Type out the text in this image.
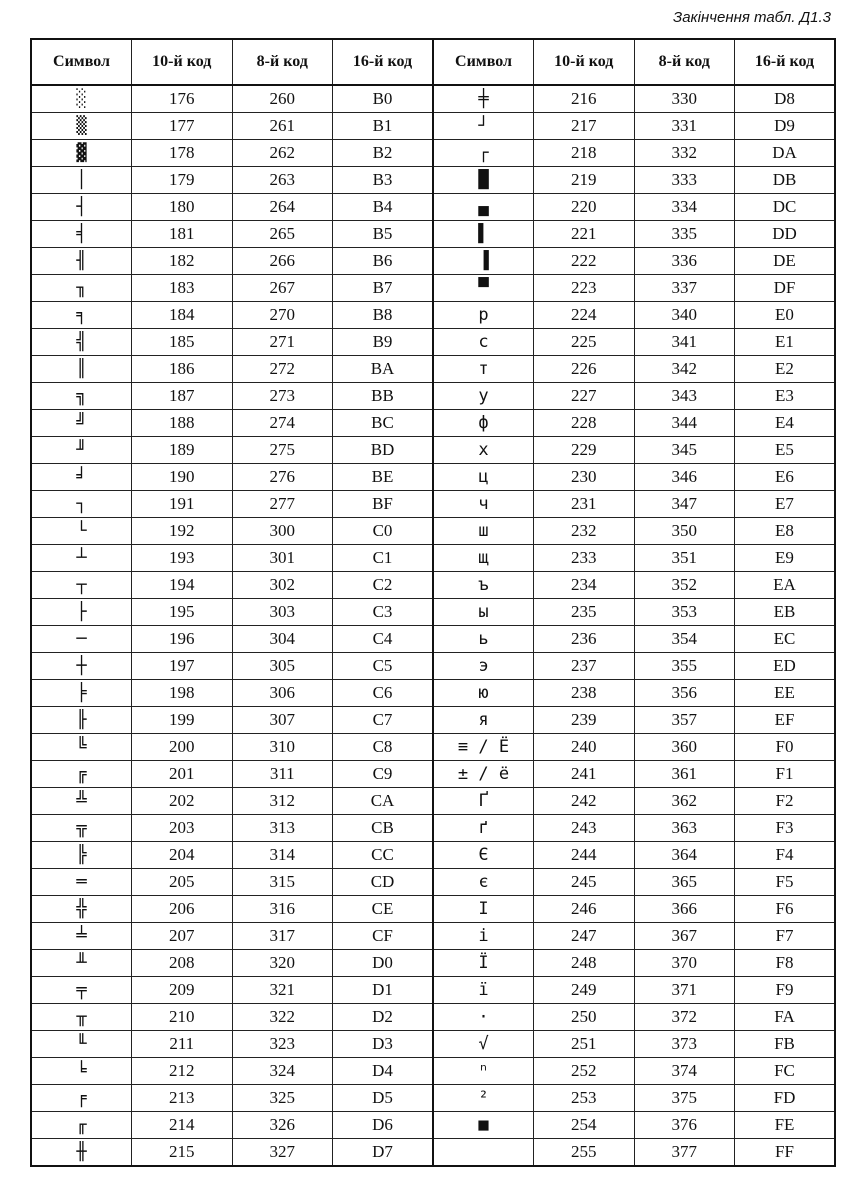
Закінчення табл. Д1.3
Символ	10-й код	8-й код	16-й код	Символ	10-й код	8-й код	16-й код
░	176	260	B0	╪	216	330	D8
▒	177	261	B1	┘	217	331	D9
▓	178	262	B2	┌	218	332	DA
│	179	263	B3	█	219	333	DB
┤	180	264	B4	▄	220	334	DC
╡	181	265	B5	▌	221	335	DD
╢	182	266	B6	▐	222	336	DE
╖	183	267	B7	▀	223	337	DF
╕	184	270	B8	р	224	340	E0
╣	185	271	B9	с	225	341	E1
║	186	272	BA	т	226	342	E2
╗	187	273	BB	у	227	343	E3
╝	188	274	BC	ф	228	344	E4
╜	189	275	BD	х	229	345	E5
╛	190	276	BE	ц	230	346	E6
┐	191	277	BF	ч	231	347	E7
└	192	300	C0	ш	232	350	E8
┴	193	301	C1	щ	233	351	E9
┬	194	302	C2	ъ	234	352	EA
├	195	303	C3	ы	235	353	EB
─	196	304	C4	ь	236	354	EC
┼	197	305	C5	э	237	355	ED
╞	198	306	C6	ю	238	356	EE
╟	199	307	C7	я	239	357	EF
╚	200	310	C8	≡ / Ё	240	360	F0
╔	201	311	C9	± / ё	241	361	F1
╩	202	312	CA	Ґ	242	362	F2
╦	203	313	CB	ґ	243	363	F3
╠	204	314	CC	Є	244	364	F4
═	205	315	CD	є	245	365	F5
╬	206	316	CE	І	246	366	F6
╧	207	317	CF	і	247	367	F7
╨	208	320	D0	Ї	248	370	F8
╤	209	321	D1	ї	249	371	F9
╥	210	322	D2	·	250	372	FA
╙	211	323	D3	√	251	373	FB
╘	212	324	D4	ⁿ	252	374	FC
╒	213	325	D5	²	253	375	FD
╓	214	326	D6	■	254	376	FE
╫	215	327	D7		255	377	FF
